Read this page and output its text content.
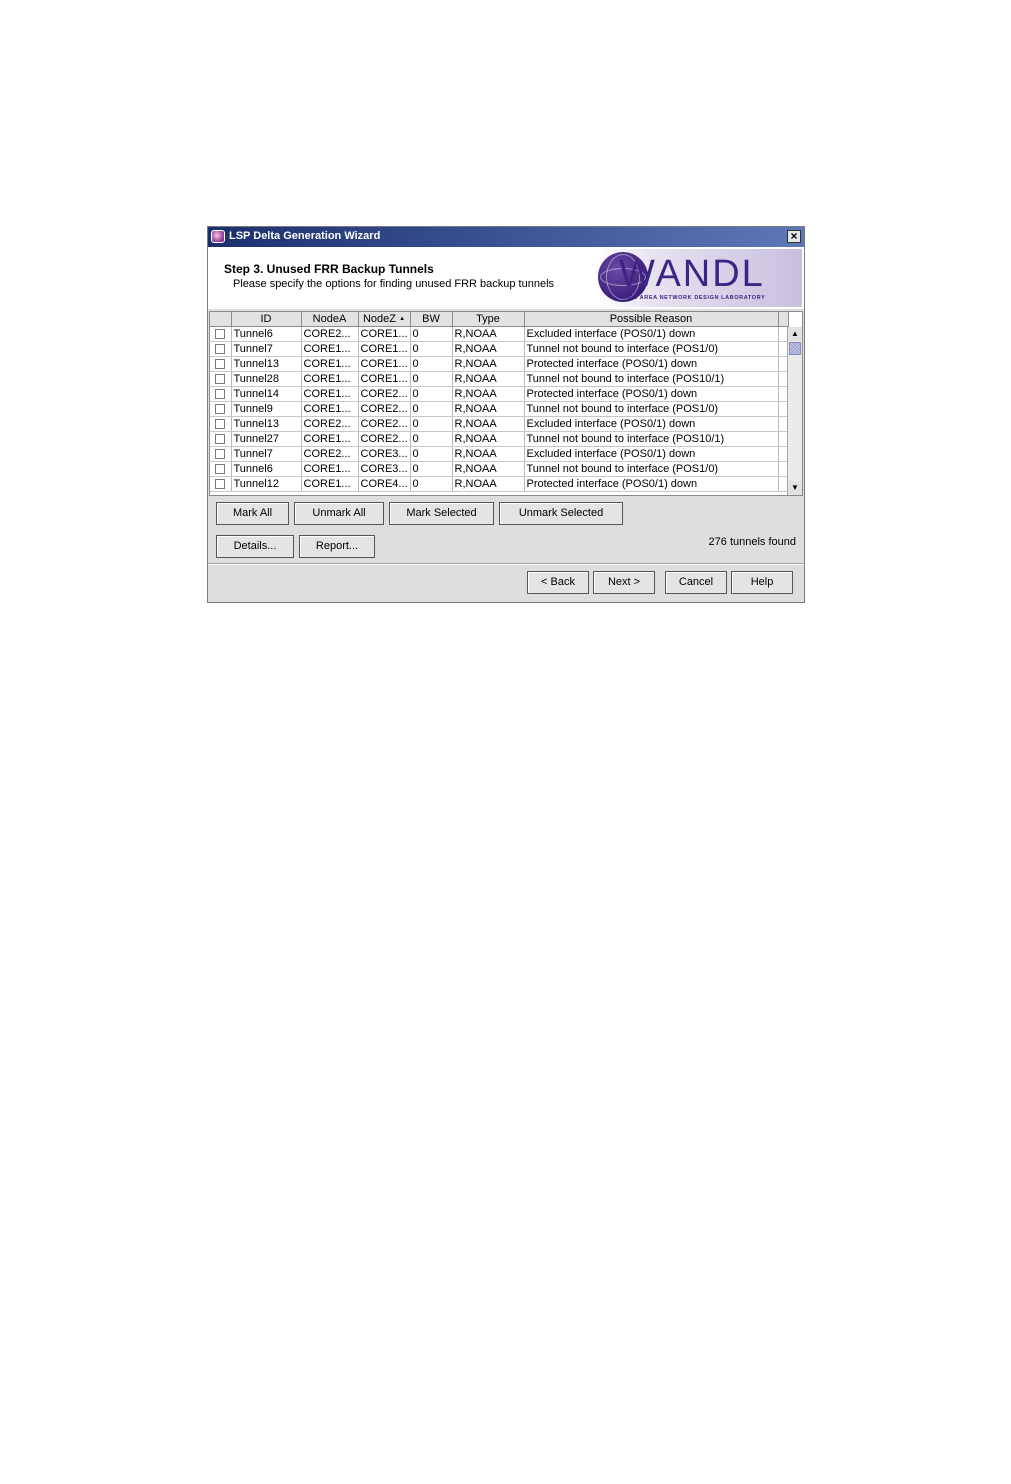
LSP Delta Generation Wizard	×
Step 3. Unused FRR Backup Tunnels
Please specify the options for finding unused FRR backup tunnels WANDL
WIDE AREA NETWORK DESIGN LABORATORY
	ID	NodeA	NodeZ ▲	BW	Type	Possible Reason	
	Tunnel6	CORE2...	CORE1...	0	R,NOAA	Excluded interface (POS0/1) down	
	Tunnel7	CORE1...	CORE1...	0	R,NOAA	Tunnel not bound to interface (POS1/0)	
	Tunnel13	CORE1...	CORE1...	0	R,NOAA	Protected interface (POS0/1) down	
	Tunnel28	CORE1...	CORE1...	0	R,NOAA	Tunnel not bound to interface (POS10/1)	
	Tunnel14	CORE1...	CORE2...	0	R,NOAA	Protected interface (POS0/1) down	
	Tunnel9	CORE1...	CORE2...	0	R,NOAA	Tunnel not bound to interface (POS1/0)	
	Tunnel13	CORE2...	CORE2...	0	R,NOAA	Excluded interface (POS0/1) down	
	Tunnel27	CORE1...	CORE2...	0	R,NOAA	Tunnel not bound to interface (POS10/1)	
	Tunnel7	CORE2...	CORE3...	0	R,NOAA	Excluded interface (POS0/1) down	
	Tunnel6	CORE1...	CORE3...	0	R,NOAA	Tunnel not bound to interface (POS1/0)	
	Tunnel12	CORE1...	CORE4...	0	R,NOAA	Protected interface (POS0/1) down	
▲
▼
Mark All	Unmark All	Mark Selected	Unmark Selected
Details...	Report...	276 tunnels found
< Back	Next >	Cancel	Help
